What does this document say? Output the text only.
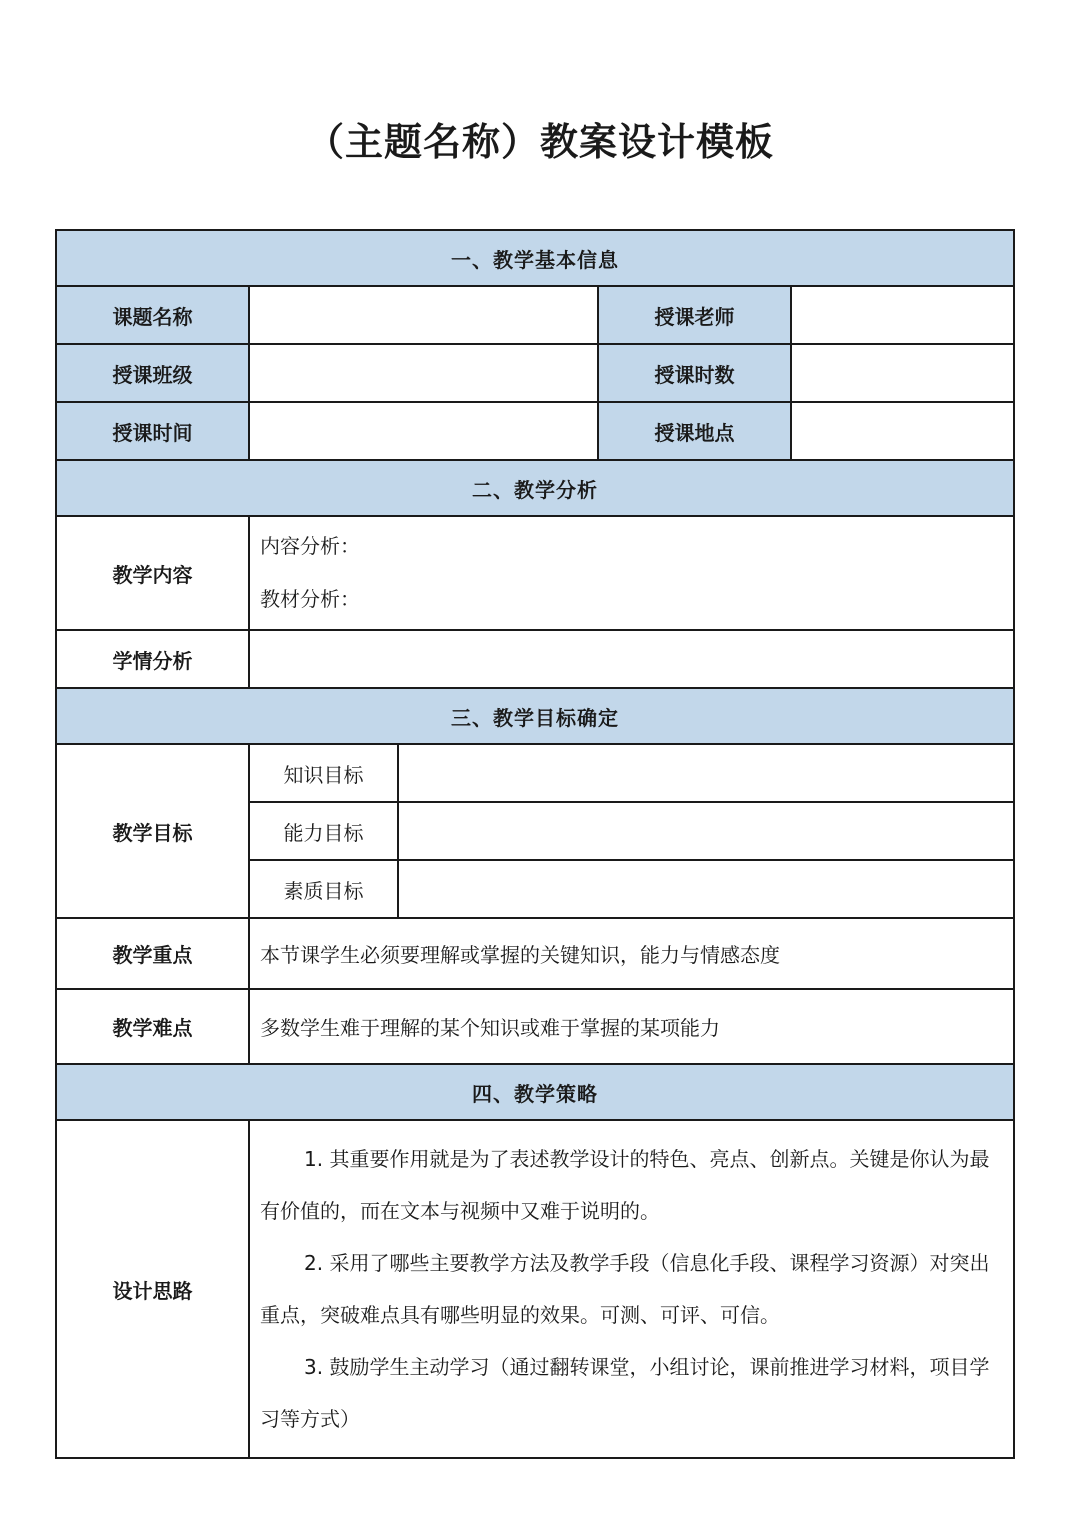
（主题名称）教案设计模板
一、教学基本信息				
课题名称			授课老师	
授课班级			授课时数	
授课时间			授课地点	
二、教学分析				
教学内容	内容分析：
教材分析：			

学情分析				
三、教学目标确定				
教学目标	知识目标			
	能力目标			
	素质目标			
教学重点	本节课学生必须要理解或掌握的关键知识，能力与情感态度			
教学难点	多数学生难于理解的某个知识或难于掌握的某项能力			
四、教学策略				
设计思路	1. 其重要作用就是为了表述教学设计的特色、亮点、创新点。关键是你认为最有价值的，而在文本与视频中又难于说明的。

2. 采用了哪些主要教学方法及教学手段（信息化手段、课程学习资源）对突出重点，突破难点具有哪些明显的效果。可测、可评、可信。

3. 鼓励学生主动学习（通过翻转课堂，小组讨论，课前推进学习材料，项目学习等方式）			
